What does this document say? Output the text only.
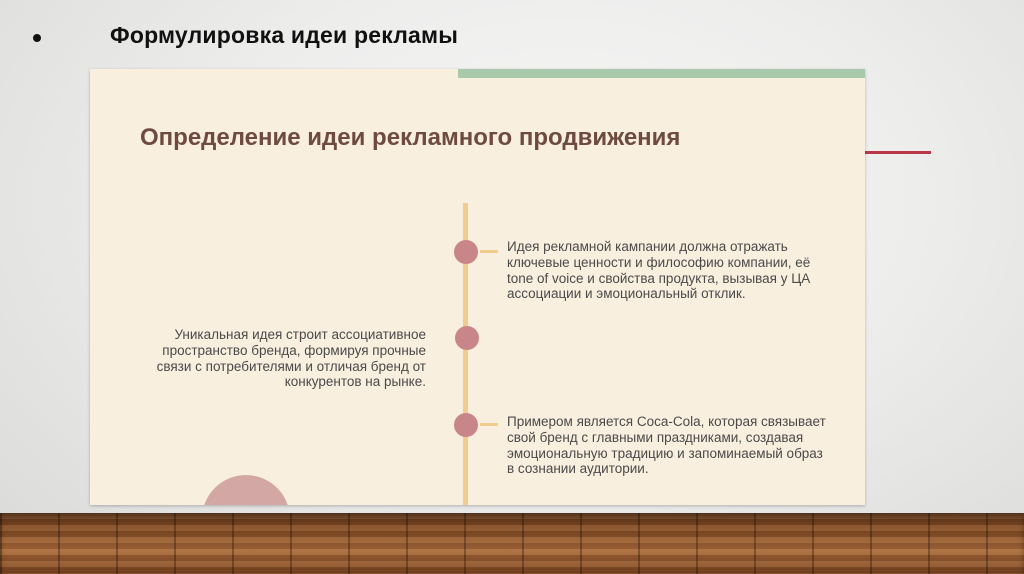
Формулировка идеи рекламы
Определение идеи рекламного продвижения
Идея рекламной кампании должна отражать ключевые ценности и философию компании, её tone of voice и свойства продукта, вызывая у ЦА ассоциации и эмоциональный отклик.
Уникальная идея строит ассоциативное пространство бренда, формируя прочные связи с потребителями и отличая бренд от конкурентов на рынке.
Примером является Coca-Cola, которая связывает свой бренд с главными праздниками, создавая эмоциональную традицию и запоминаемый образ в сознании аудитории.
